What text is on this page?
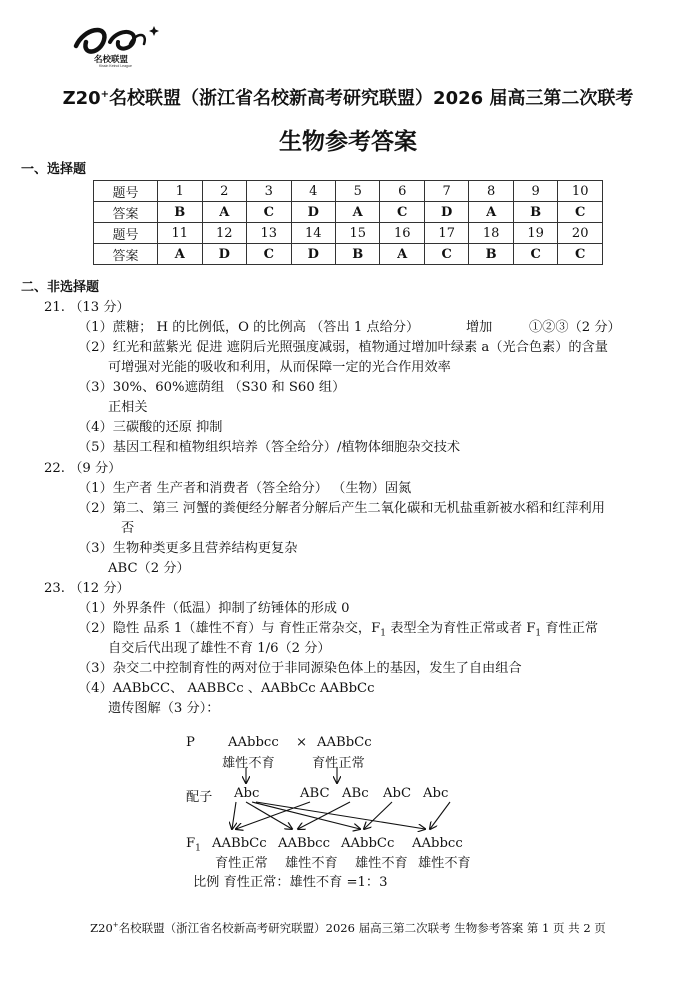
名校联盟
Kissin Ketnoi League
Z20+名校联盟（浙江省名校新高考研究联盟）2026 届高三第二次联考
生物参考答案
一、选择题
题号	1	2	3	4	5	6	7	8	9	10
答案	B	A	C	D	A	C	D	A	B	C
题号	11	12	13	14	15	16	17	18	19	20
答案	A	D	C	D	B	A	C	B	C	C
二、非选择题
21. （13 分）
（1）蔗糖； H 的比例低，O 的比例高 （答出 1 点给分）	增加	①②③（2 分）
（2）红光和蓝紫光 促进 遮阴后光照强度减弱，植物通过增加叶绿素 a（光合色素）的含量
可增强对光能的吸收和利用，从而保障一定的光合作用效率
（3）30%、60%遮荫组 （S30 和 S60 组）
正相关
（4）三碳酸的还原 抑制
（5）基因工程和植物组织培养（答全给分）/植物体细胞杂交技术
22. （9 分）
（1）生产者 生产者和消费者（答全给分） （生物）固氮
（2）第二、第三 河蟹的粪便经分解者分解后产生二氧化碳和无机盐重新被水稻和红萍利用
否
（3）生物种类更多且营养结构更复杂
ABC（2 分）
23. （12 分）
（1）外界条件（低温）抑制了纺锤体的形成 0
（2）隐性 品系 1（雄性不育）与 育性正常杂交，$F_1$ 表型全为育性正常或者 $F_1$ 育性正常
自交后代出现了雄性不育 1/6（2 分）
（3）杂交二中控制育性的两对位于非同源染色体上的基因，发生了自由组合
（4）AABbCC、 AABBCc 、AABbCc AABbCc
遗传图解（3 分）：
P	AAbbcc × AABbCc
雄性不育	育性正常
配子 Abc	ABC ABc AbC Abc
$F_1$ AABbCc AABbcc AAbbCc AAbbcc
育性正常 雄性不育 雄性不育 雄性不育
比例 育性正常：雄性不育 =1：3
Z20+名校联盟（浙江省名校新高考研究联盟）2026 届高三第二次联考 生物参考答案 第 1 页 共 2 页
